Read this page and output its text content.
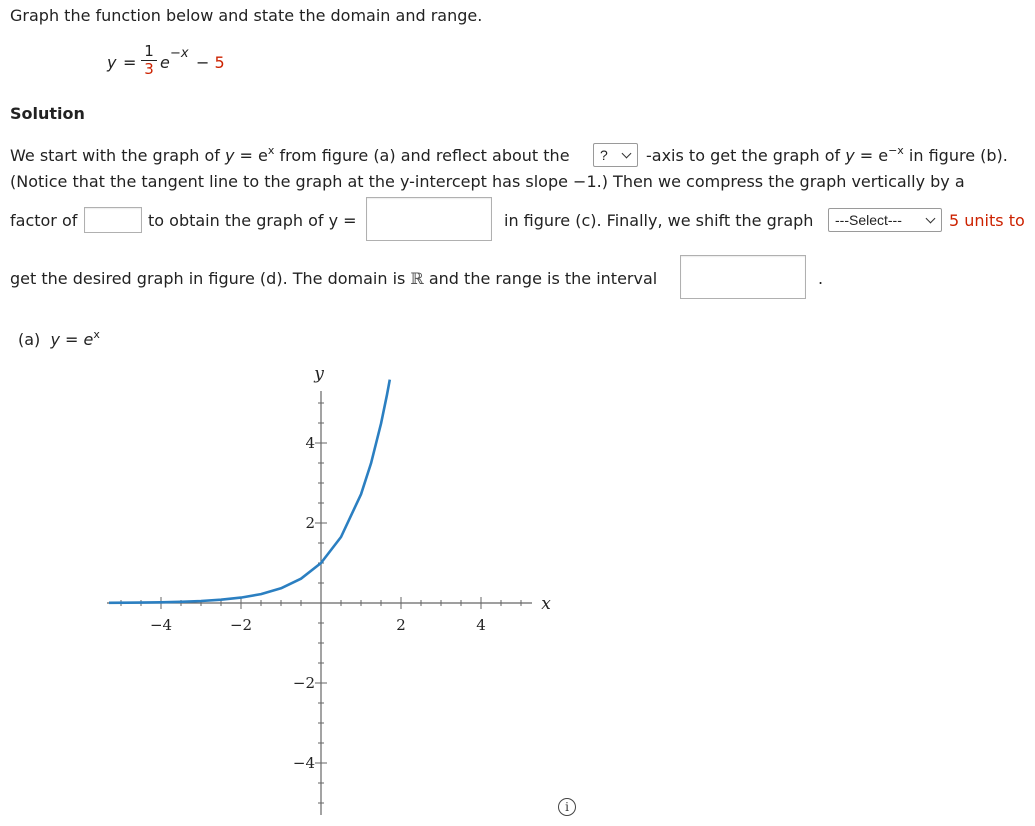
Graph the function below and state the domain and range.
$y = \frac{1}{3}$ e −x − 5
Solution
We start with the graph of $y = e^x$ from figure (a) and reflect about the ? -axis to get the graph of $y = e^{-x}$ in figure (b).
(Notice that the tangent line to the graph at the y-intercept has slope −1.) Then we compress the graph vertically by a
factor of	to obtain the graph of y =	in figure (c). Finally, we shift the graph ---Select---	5 units to
get the desired graph in figure (d). The domain is ℝ and the range is the interval	.
(a) $y = e^x$
−4	−2	2	4
4
2
−2
−4
x
y
i
